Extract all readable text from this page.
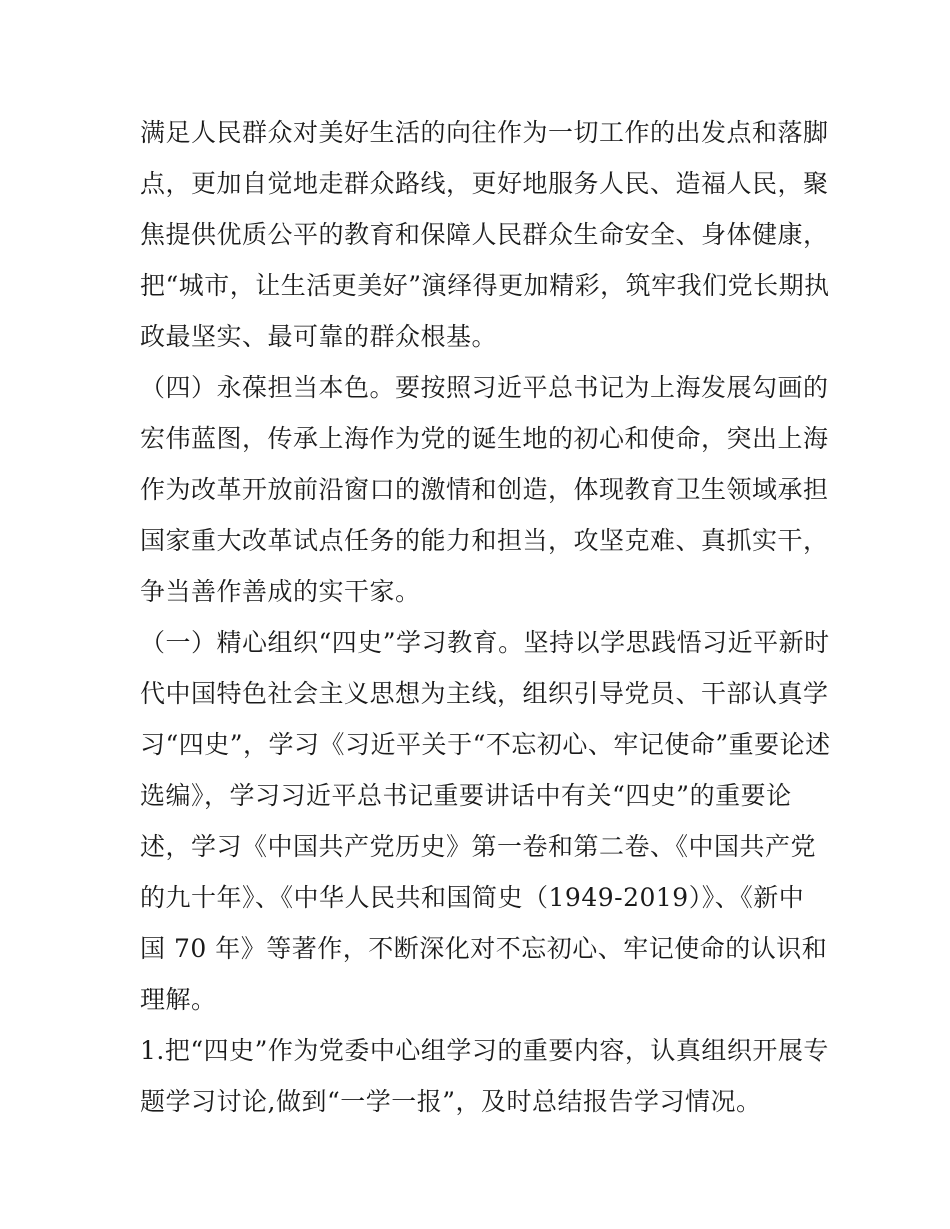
满足人民群众对美好生活的向往作为一切工作的出发点和落脚
点，更加自觉地走群众路线，更好地服务人民、造福人民，聚
焦提供优质公平的教育和保障人民群众生命安全、身体健康，
把“城市，让生活更美好”演绎得更加精彩，筑牢我们党长期执
政最坚实、最可靠的群众根基。
（四）永葆担当本色。要按照习近平总书记为上海发展勾画的
宏伟蓝图，传承上海作为党的诞生地的初心和使命，突出上海
作为改革开放前沿窗口的激情和创造，体现教育卫生领域承担
国家重大改革试点任务的能力和担当，攻坚克难、真抓实干，
争当善作善成的实干家。
（一）精心组织“四史”学习教育。坚持以学思践悟习近平新时
代中国特色社会主义思想为主线，组织引导党员、干部认真学
习“四史”，学习《习近平关于“不忘初心、牢记使命”重要论述
选编》，学习习近平总书记重要讲话中有关“四史”的重要论
述，学习《中国共产党历史》第一卷和第二卷、《中国共产党
的九十年》、《中华人民共和国简史（1949-2019）》、《新中
国 70 年》等著作，不断深化对不忘初心、牢记使命的认识和
理解。
1.把“四史”作为党委中心组学习的重要内容，认真组织开展专
题学习讨论,做到“一学一报”，及时总结报告学习情况。
